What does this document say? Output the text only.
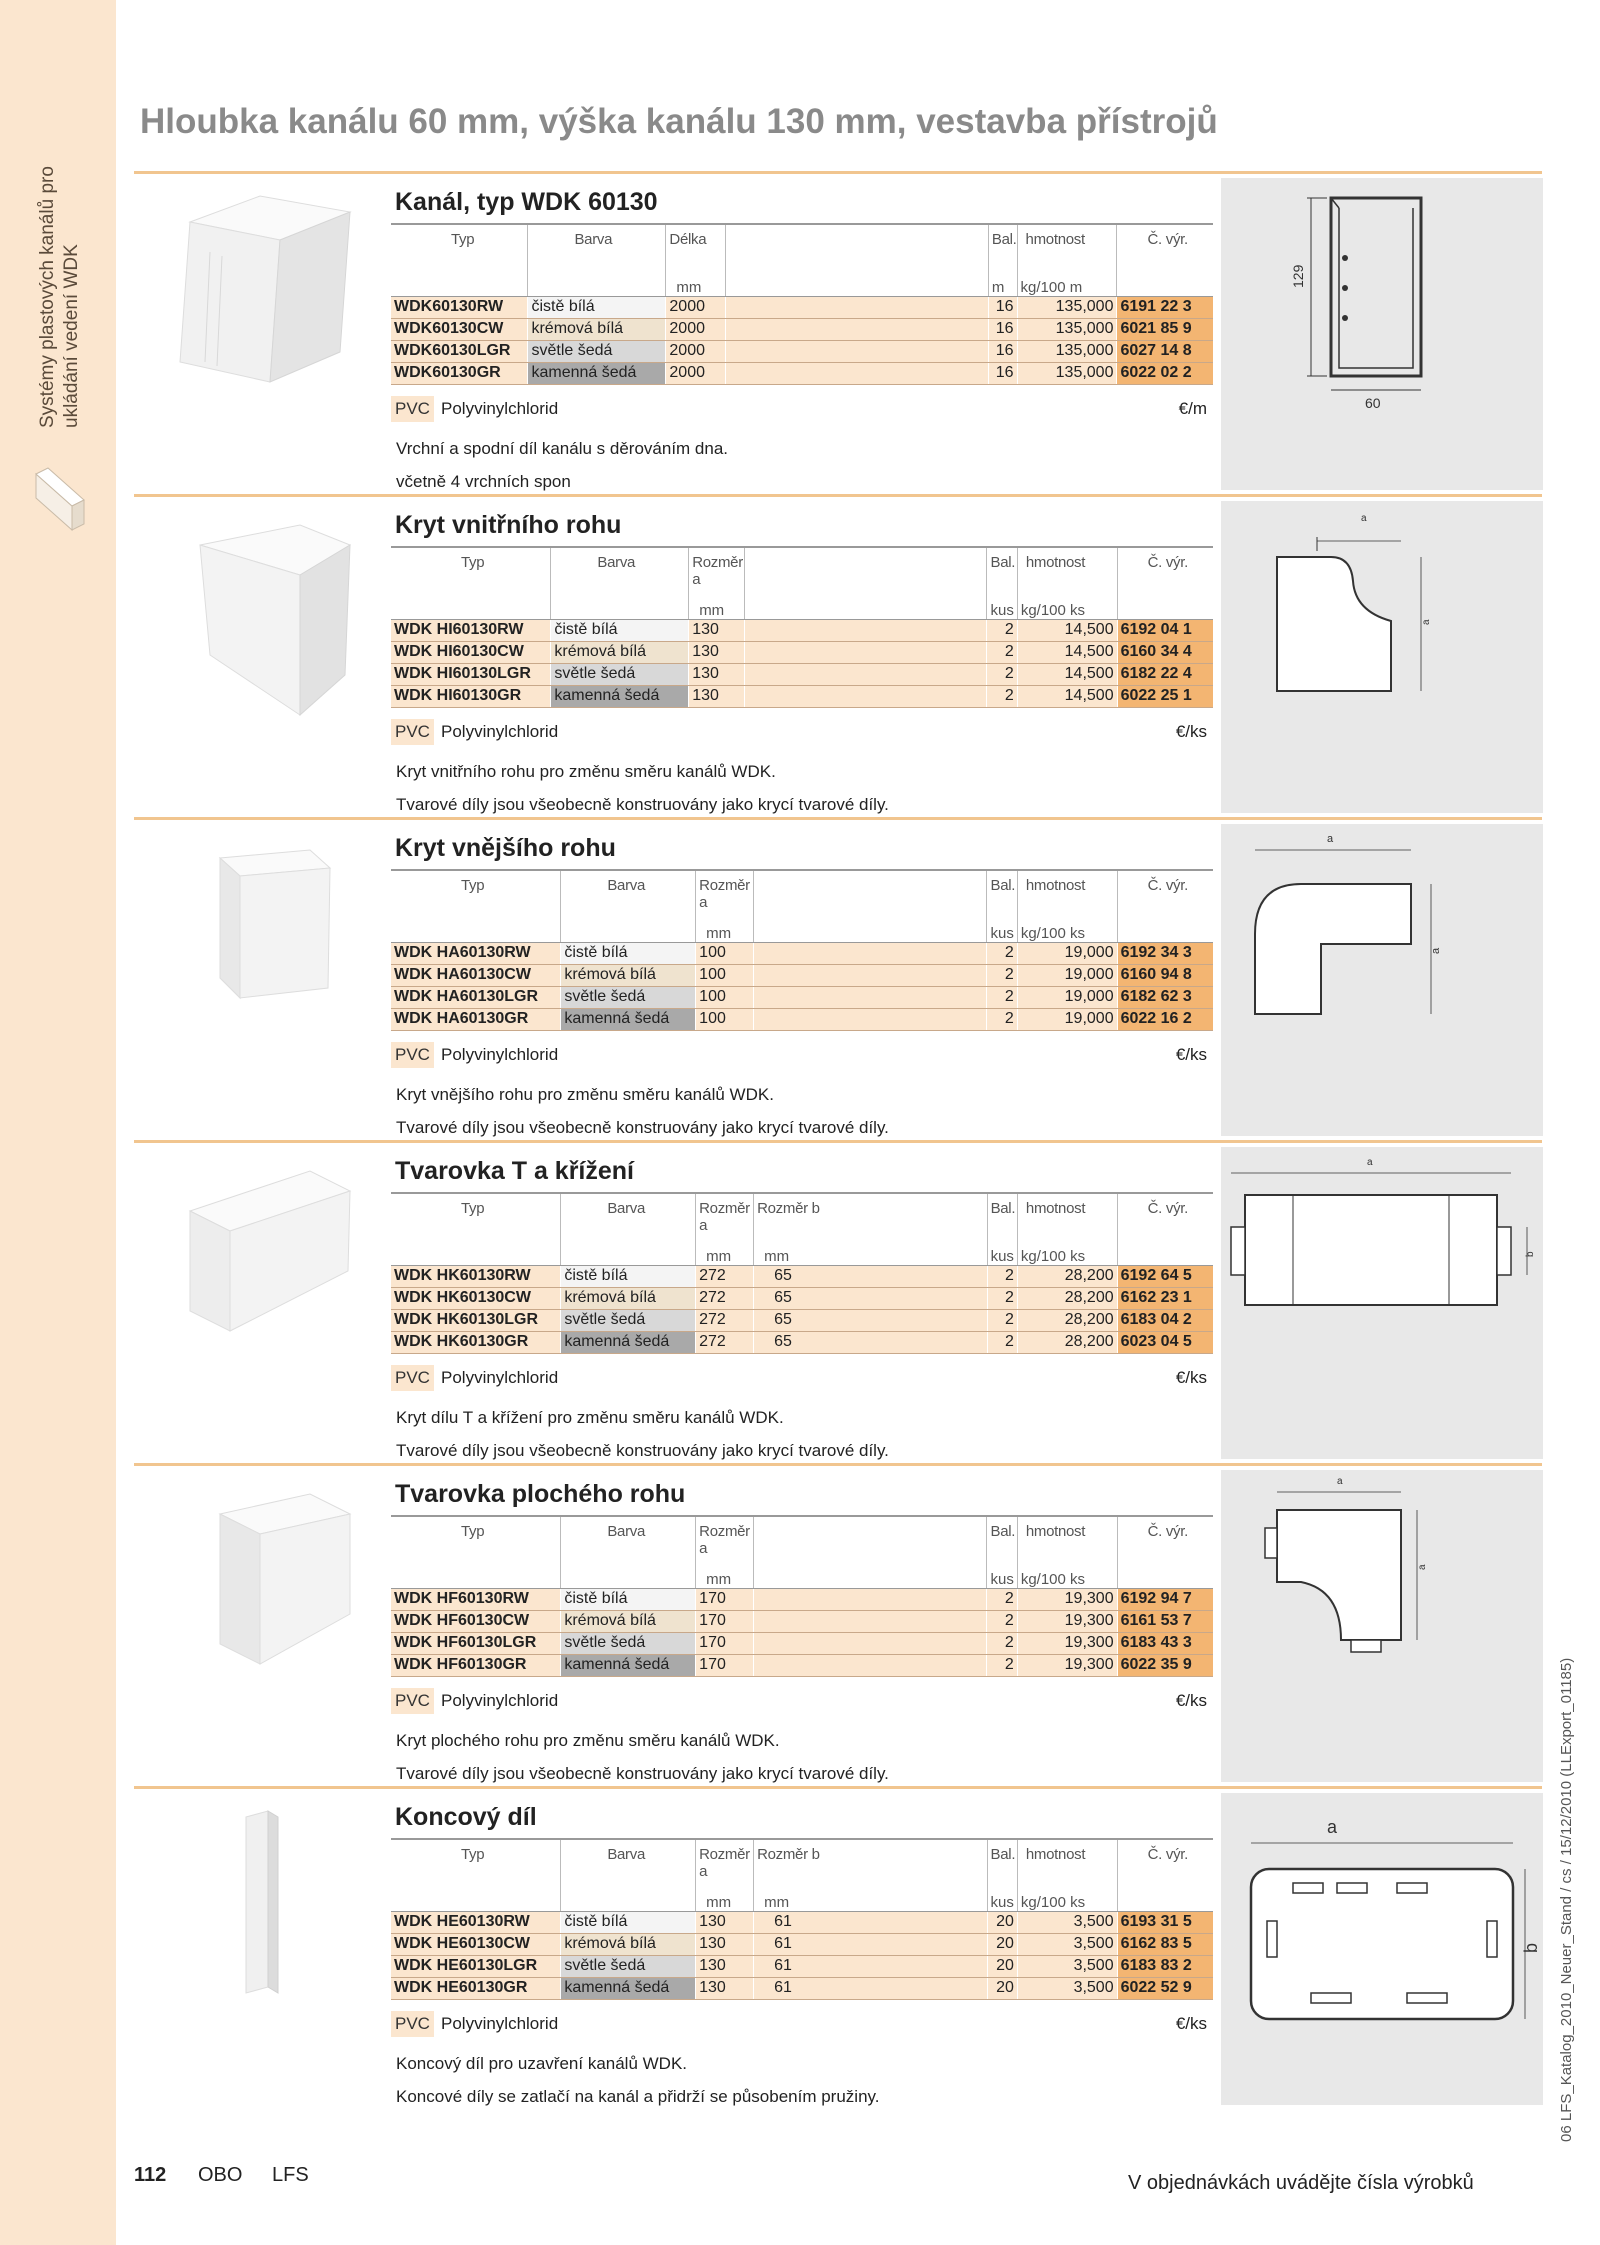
Systémy plastových kanálů pro ukládání vedení WDK
06 LFS_Katalog_2010_Neuer_Stand / cs / 15/12/2010 (LLExport_01185)
Hloubka kanálu 60 mm, výška kanálu 130 mm, vestavba přístrojů
Kanál, typ WDK 60130
Typ	Barva	Délka		Bal.	hmotnost	Č. výr.
		mm		m	kg/100 m	
WDK60130RW	čistě bílá	2000		16	135,000	6191 22 3
WDK60130CW	krémová bílá	2000		16	135,000	6021 85 9
WDK60130LGR	světle šedá	2000		16	135,000	6027 14 8
WDK60130GR	kamenná šedá	2000		16	135,000	6022 02 2
PVC Polyvinylchlorid	€/m
Vrchní a spodní díl kanálu s děrováním dna.
včetně 4 vrchních spon
129
60
Kryt vnitřního rohu
Typ	Barva	Rozměr a		Bal.	hmotnost	Č. výr.
		mm		kus	kg/100 ks	
WDK HI60130RW	čistě bílá	130		2	14,500	6192 04 1
WDK HI60130CW	krémová bílá	130		2	14,500	6160 34 4
WDK HI60130LGR	světle šedá	130		2	14,500	6182 22 4
WDK HI60130GR	kamenná šedá	130		2	14,500	6022 25 1
PVC Polyvinylchlorid	€/ks
Kryt vnitřního rohu pro změnu směru kanálů WDK.
Tvarové díly jsou všeobecně konstruovány jako krycí tvarové díly.
a
a
Kryt vnějšího rohu
Typ	Barva	Rozměr a		Bal.	hmotnost	Č. výr.
		mm		kus	kg/100 ks	
WDK HA60130RW	čistě bílá	100		2	19,000	6192 34 3
WDK HA60130CW	krémová bílá	100		2	19,000	6160 94 8
WDK HA60130LGR	světle šedá	100		2	19,000	6182 62 3
WDK HA60130GR	kamenná šedá	100		2	19,000	6022 16 2
PVC Polyvinylchlorid	€/ks
Kryt vnějšího rohu pro změnu směru kanálů WDK.
Tvarové díly jsou všeobecně konstruovány jako krycí tvarové díly.
a
a
Tvarovka T a křížení
Typ	Barva	Rozměr a	Rozměr b	Bal.	hmotnost	Č. výr.
		mm	mm	kus	kg/100 ks	
WDK HK60130RW	čistě bílá	272	65	2	28,200	6192 64 5
WDK HK60130CW	krémová bílá	272	65	2	28,200	6162 23 1
WDK HK60130LGR	světle šedá	272	65	2	28,200	6183 04 2
WDK HK60130GR	kamenná šedá	272	65	2	28,200	6023 04 5
PVC Polyvinylchlorid	€/ks
Kryt dílu T a křížení pro změnu směru kanálů WDK.
Tvarové díly jsou všeobecně konstruovány jako krycí tvarové díly.
a
b
Tvarovka plochého rohu
Typ	Barva	Rozměr a		Bal.	hmotnost	Č. výr.
		mm		kus	kg/100 ks	
WDK HF60130RW	čistě bílá	170		2	19,300	6192 94 7
WDK HF60130CW	krémová bílá	170		2	19,300	6161 53 7
WDK HF60130LGR	světle šedá	170		2	19,300	6183 43 3
WDK HF60130GR	kamenná šedá	170		2	19,300	6022 35 9
PVC Polyvinylchlorid	€/ks
Kryt plochého rohu pro změnu směru kanálů WDK.
Tvarové díly jsou všeobecně konstruovány jako krycí tvarové díly.
a
a
Koncový díl
Typ	Barva	Rozměr a	Rozměr b	Bal.	hmotnost	Č. výr.
		mm	mm	kus	kg/100 ks	
WDK HE60130RW	čistě bílá	130	61	20	3,500	6193 31 5
WDK HE60130CW	krémová bílá	130	61	20	3,500	6162 83 5
WDK HE60130LGR	světle šedá	130	61	20	3,500	6183 83 2
WDK HE60130GR	kamenná šedá	130	61	20	3,500	6022 52 9
PVC Polyvinylchlorid	€/ks
Koncový díl pro uzavření kanálů WDK.
Koncové díly se zatlačí na kanál a přidrží se působením pružiny.
a
b
112 OBO LFS	V objednávkách uvádějte čísla výrobků
